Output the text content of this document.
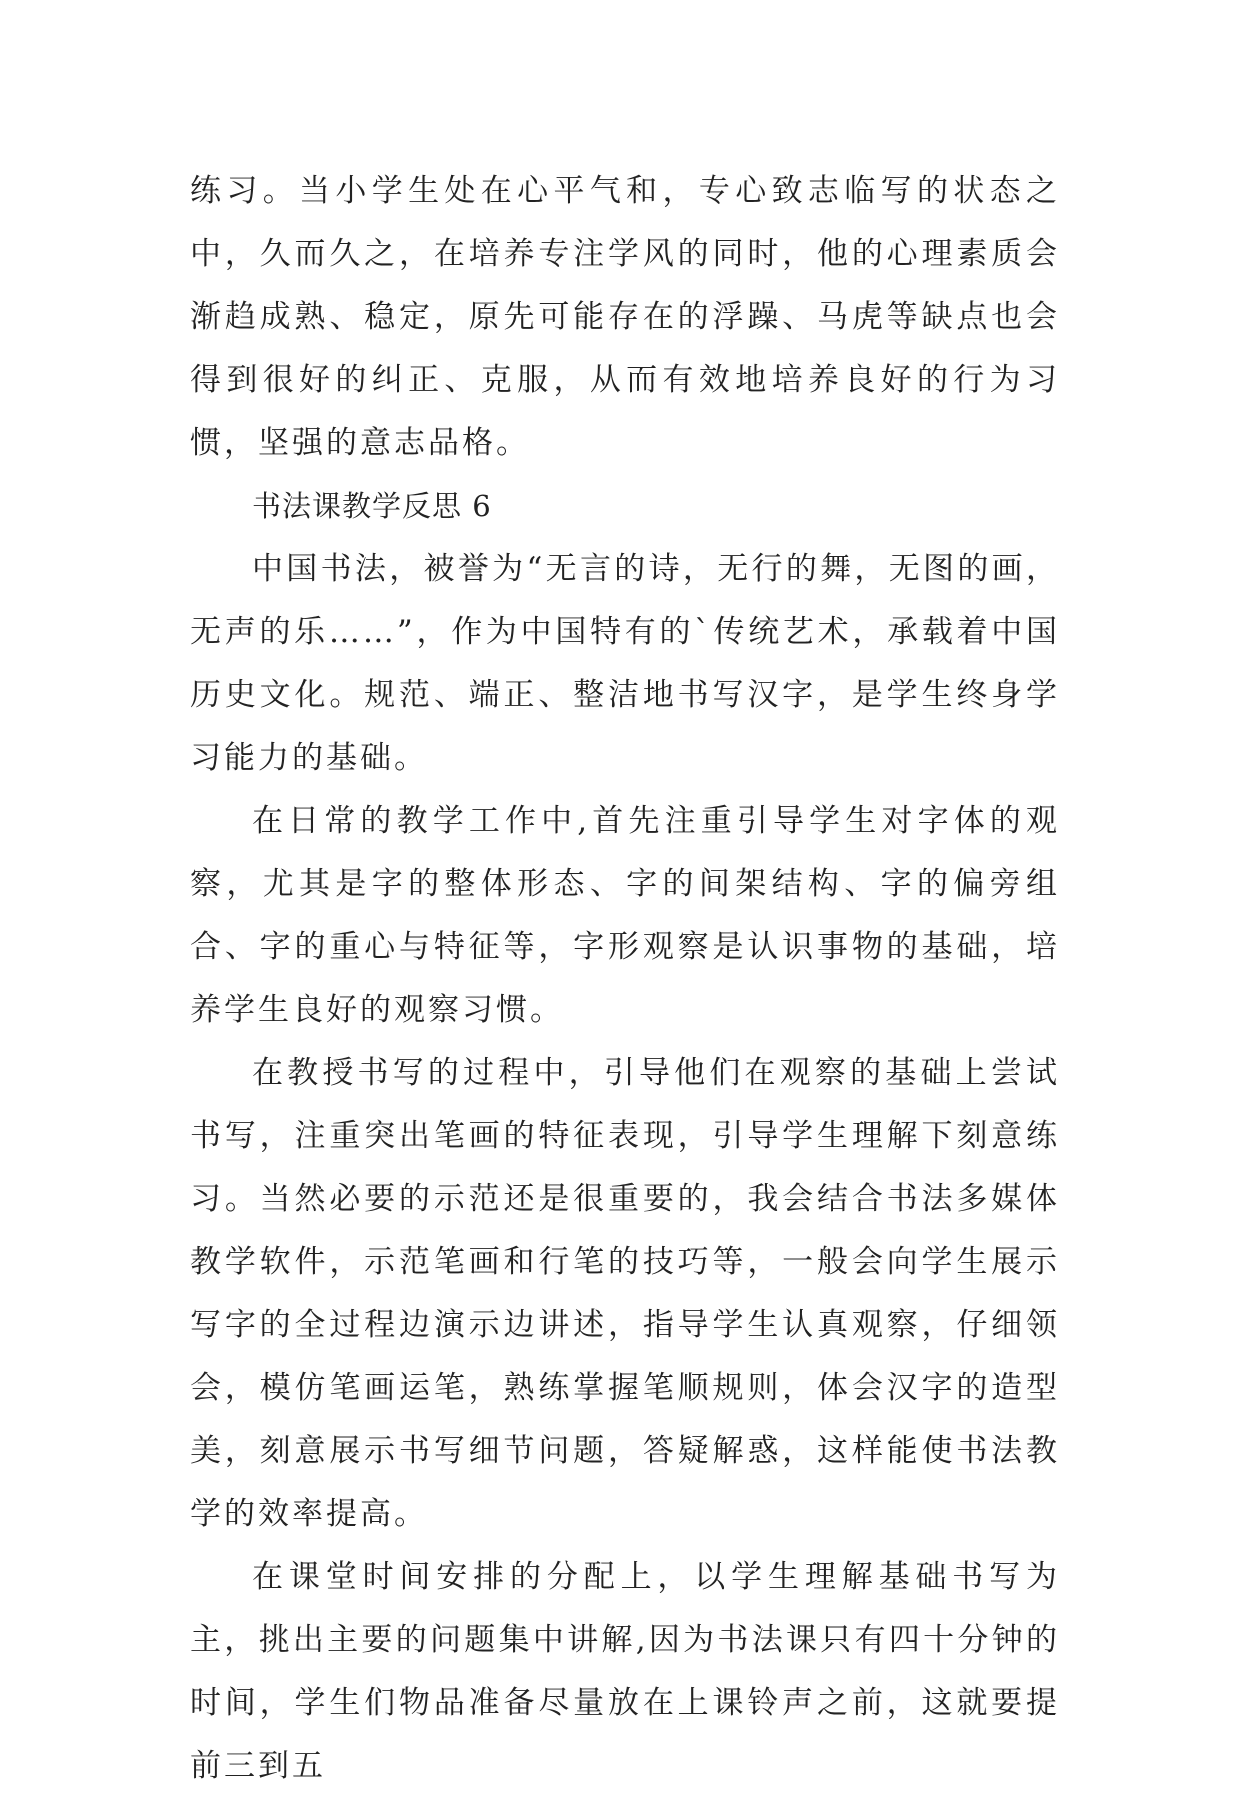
练习。当小学生处在心平气和，专心致志临写的状态之中，久而久之，在培养专注学风的同时，他的心理素质会渐趋成熟、稳定，原先可能存在的浮躁、马虎等缺点也会得到很好的纠正、克服，从而有效地培养良好的行为习惯，坚强的意志品格。

书法课教学反思 6

中国书法，被誉为“无言的诗，无行的舞，无图的画，无声的乐……”，作为中国特有的`传统艺术，承载着中国历史文化。规范、端正、整洁地书写汉字，是学生终身学习能力的基础。

在日常的教学工作中,首先注重引导学生对字体的观察，尤其是字的整体形态、字的间架结构、字的偏旁组合、字的重心与特征等，字形观察是认识事物的基础，培养学生良好的观察习惯。

在教授书写的过程中，引导他们在观察的基础上尝试书写，注重突出笔画的特征表现，引导学生理解下刻意练习。当然必要的示范还是很重要的，我会结合书法多媒体教学软件，示范笔画和行笔的技巧等，一般会向学生展示写字的全过程边演示边讲述，指导学生认真观察，仔细领会，模仿笔画运笔，熟练掌握笔顺规则，体会汉字的造型美，刻意展示书写细节问题，答疑解惑，这样能使书法教学的效率提高。

在课堂时间安排的分配上，以学生理解基础书写为主，挑出主要的问题集中讲解,因为书法课只有四十分钟的时间，学生们物品准备尽量放在上课铃声之前，这就要提前三到五
